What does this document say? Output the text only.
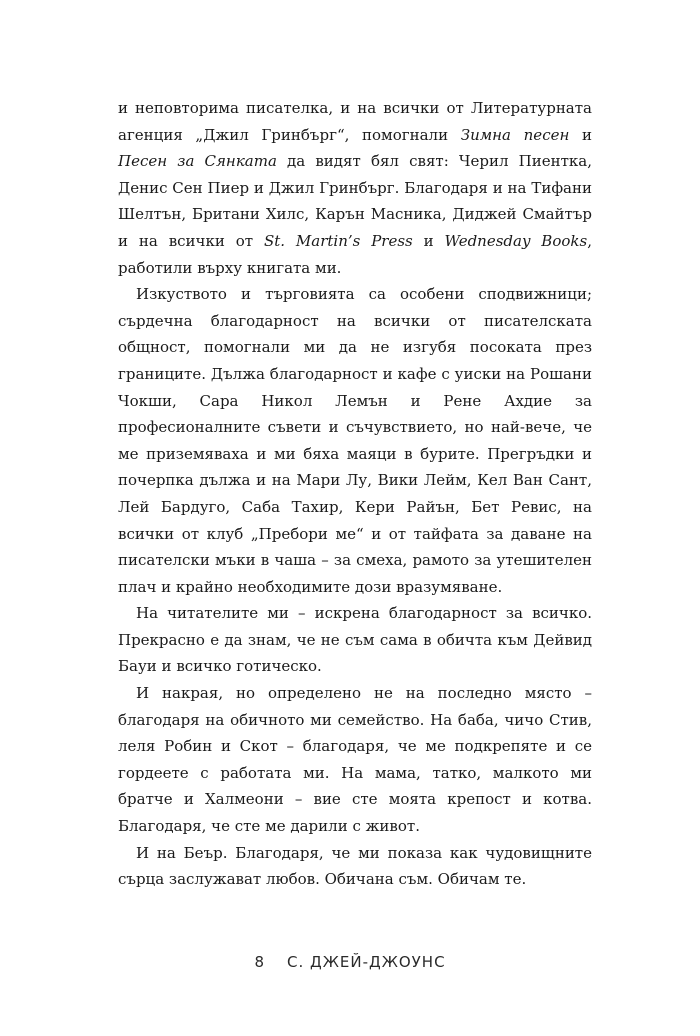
и неповторима писателка, и на всички от Литературната агенция „Джил Гринбърг“, помогнали Зимна песен и Песен за Сянката да видят бял свят: Черил Пиентка, Денис Сен Пиер и Джил Гринбърг. Благодаря и на Тифани Шелтън, Британи Хилс, Карън Масника, Диджей Смайтър и на всички от St. Martin’s Press и Wednesday Books, работили върху книгата ми.

Изкуството и търговията са особени сподвижници; сърдечна благодарност на всички от писателската общност, помогнали ми да не изгубя посоката през границите. Дължа благодарност и кафе с уиски на Рошани Чокши, Сара Никол Лемън и Рене Ахдие за професионалните съвети и съчувствието, но най-вече, че ме приземяваха и ми бяха маяци в бурите. Прегръдки и почерпка дължа и на Мари Лу, Вики Лейм, Кел Ван Сант, Лей Бардуго, Саба Тахир, Кери Райън, Бет Ревис, на всички от клуб „Пребори ме“ и от тайфата за даване на писателски мъки в чаша – за смеха, рамото за утешителен плач и крайно необходимите дози вразумяване.

На читателите ми – искрена благодарност за всичко. Прекрасно е да знам, че не съм сама в обичта към Дейвид Бауи и всичко готическо.

И накрая, но определено не на последно място – благодаря на обичното ми семейство. На баба, чичо Стив, леля Робин и Скот – благодаря, че ме подкрепяте и се гордеете с работата ми. На мама, татко, малкото ми братче и Халмеони – вие сте моята крепост и котва. Благодаря, че сте ме дарили с живот.

И на Беър. Благодаря, че ми показа как чудовищните сърца заслужават любов. Обичана съм. Обичам те.

8 С. ДЖЕЙ-ДЖОУНС
